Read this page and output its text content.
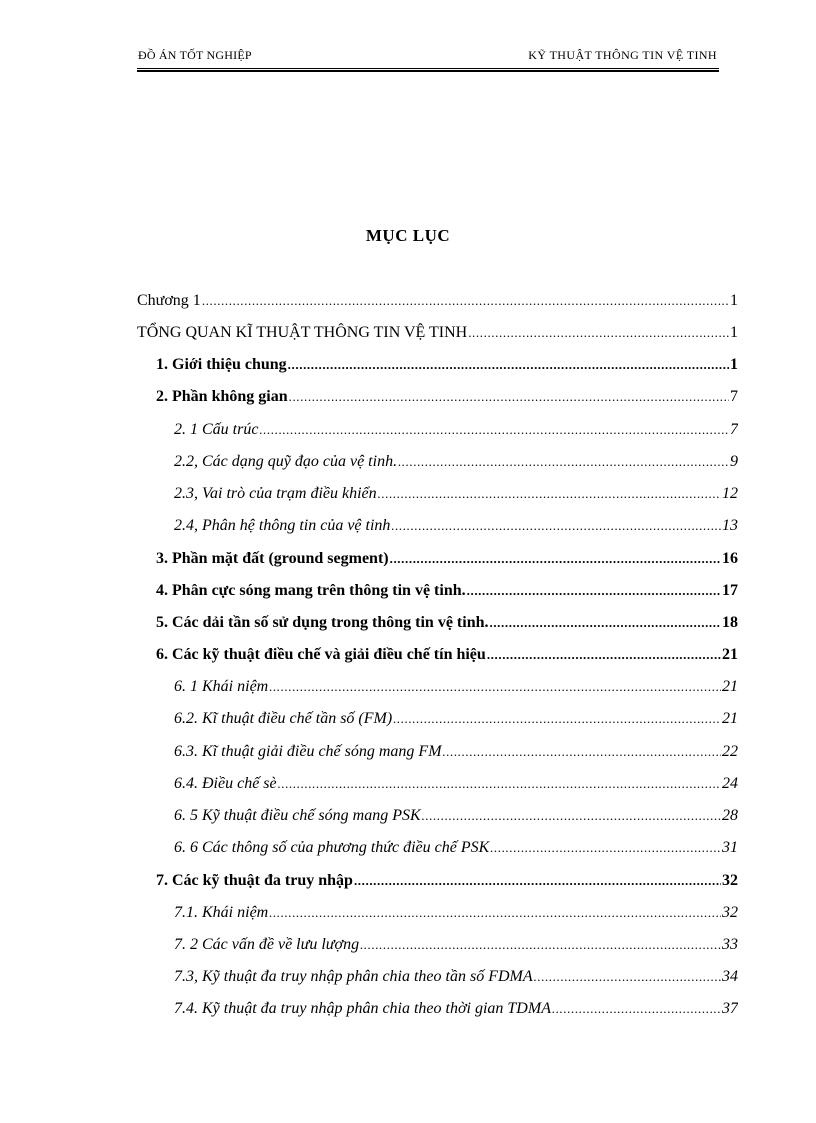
ĐỒ ÁN TỐT NGHIỆP	KỸ THUẬT THÔNG TIN VỆ TINH
MỤC LỤC
Chương 1 .....	1
TỔNG QUAN KĨ THUẬT THÔNG TIN VỆ TINH .....	1
1. Giới thiệu chung .....	1
2. Phần không gian .....	7
2. 1 Cấu trúc .....	7
2.2, Các dạng quỹ đạo của vệ tinh. .....	9
2.3, Vai trò của trạm điều khiển .....	12
2.4, Phân hệ thông tin của vệ tinh .....	13
3. Phần mặt đất (ground segment) .....	16
4. Phân cực sóng mang trên thông tin vệ tinh. .....	17
5. Các dải tần số sử dụng trong thông tin vệ tinh. .....	18
6. Các kỹ thuật điều chế và giải điều chế tín hiệu .....	21
6. 1 Khái niệm .....	21
6.2. Kĩ thuật điều chế tần số (FM) .....	21
6.3. Kĩ thuật giải điều chế sóng mang FM .....	22
6.4. Điều chế sè .....	24
6. 5 Kỹ thuật điều chế sóng mang PSK .....	28
6. 6 Các thông số của phương thức điều chế PSK .....	31
7. Các kỹ thuật đa truy nhập .....	32
7.1. Khái niệm .....	32
7. 2 Các vấn đề về lưu lượng .....	33
7.3, Kỹ thuật đa truy nhập phân chia theo tần số FDMA .....	34
7.4. Kỹ thuật đa truy nhập phân chia theo thời gian TDMA .....	37
